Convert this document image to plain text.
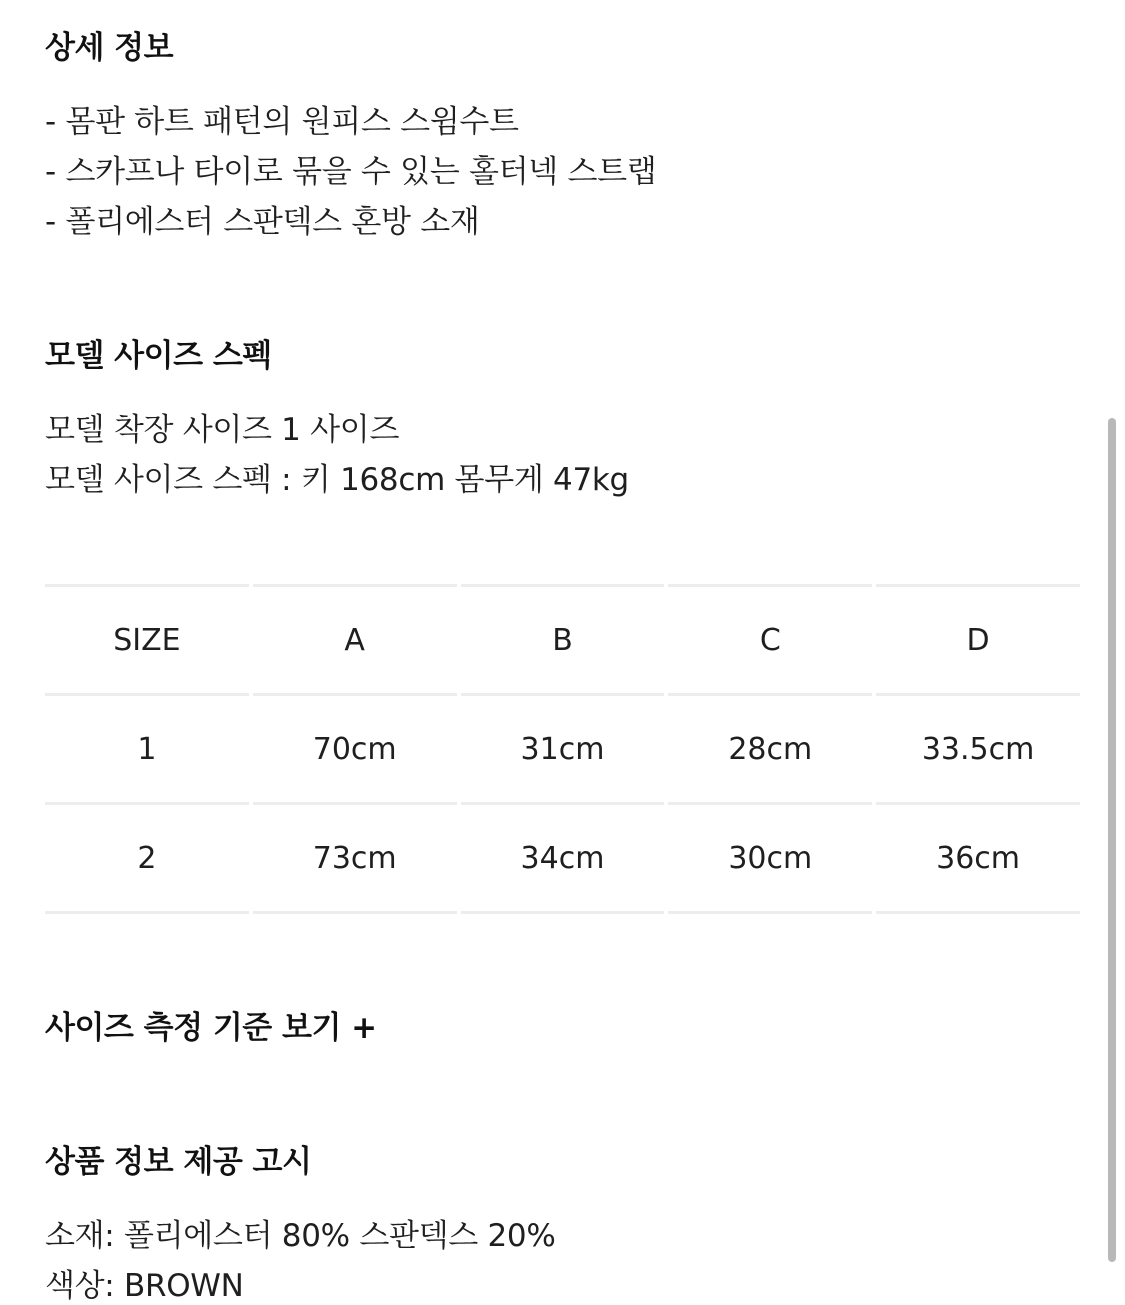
상세 정보
- 몸판 하트 패턴의 원피스 스윔수트
- 스카프나 타이로 묶을 수 있는 홀터넥 스트랩
- 폴리에스터 스판덱스 혼방 소재
모델 사이즈 스펙
모델 착장 사이즈 1 사이즈
모델 사이즈 스펙 : 키 168cm 몸무게 47kg
SIZE	A	B	C	D
1	70cm	31cm	28cm	33.5cm
2	73cm	34cm	30cm	36cm
사이즈 측정 기준 보기 +
상품 정보 제공 고시
소재: 폴리에스터 80% 스판덱스 20%
색상: BROWN
